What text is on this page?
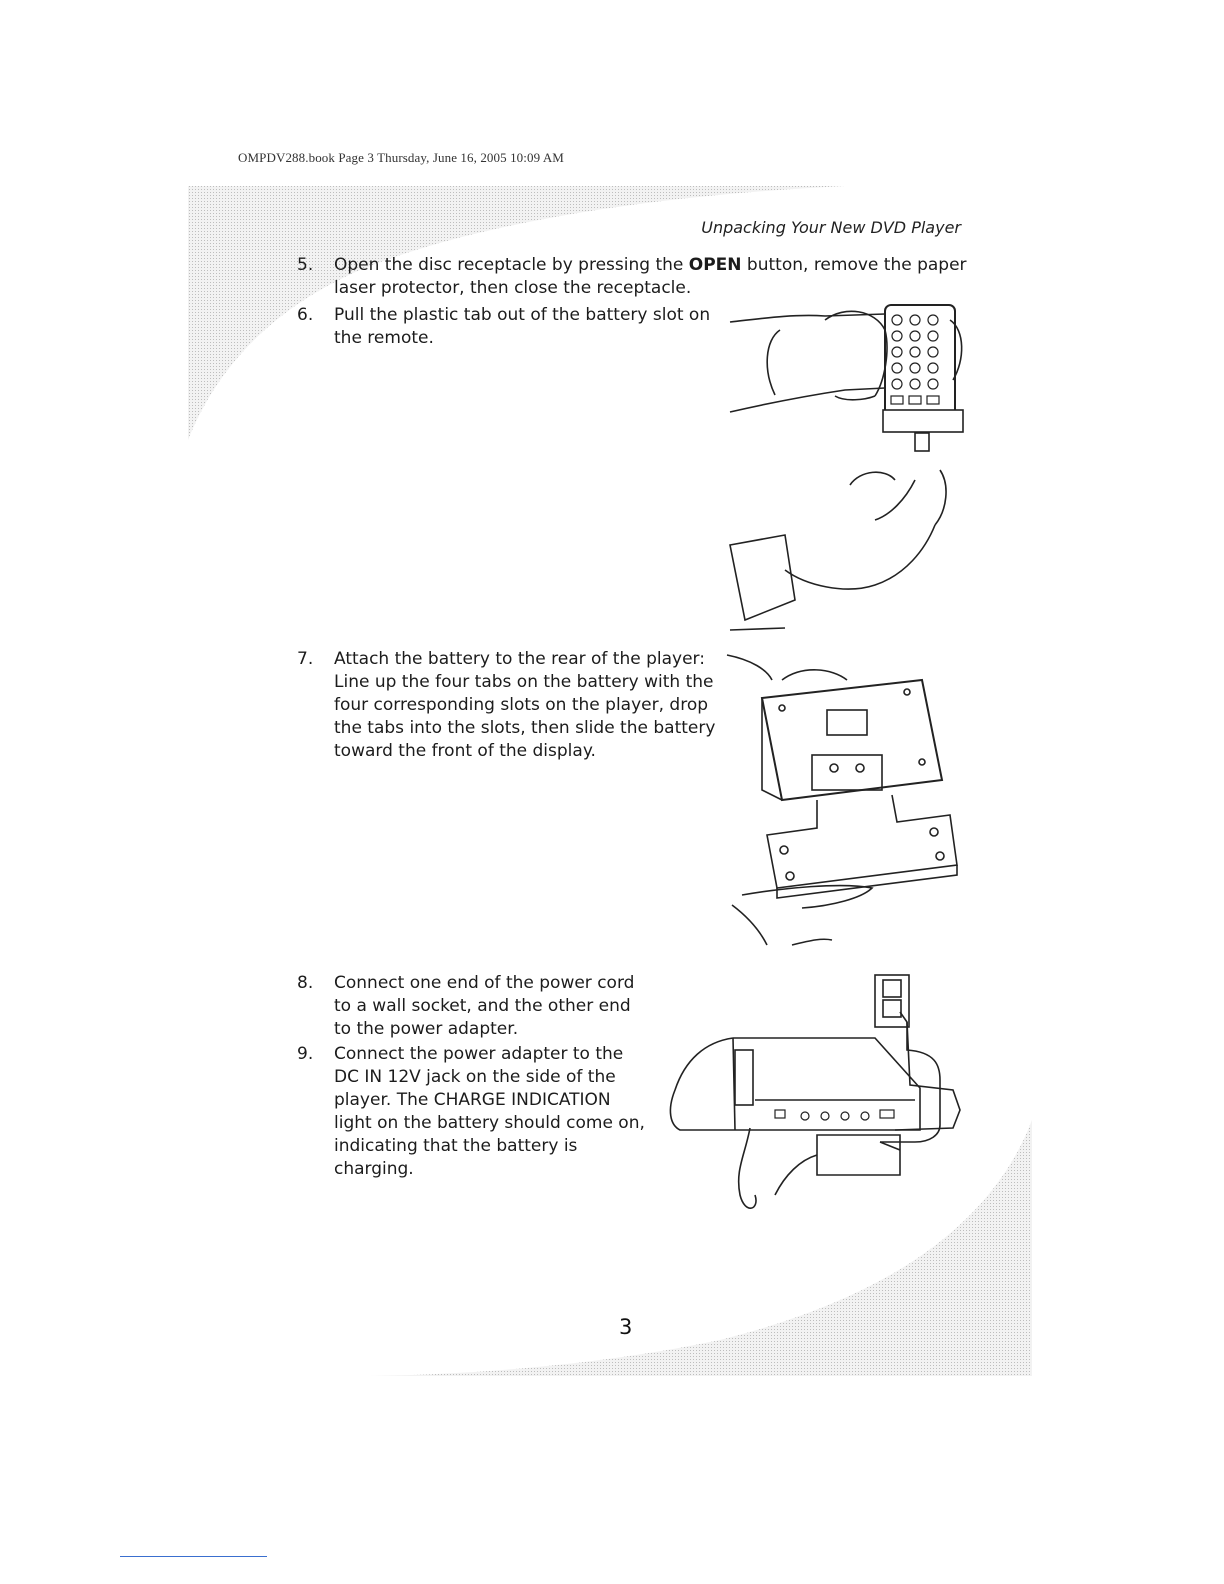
OMPDV288.book Page 3 Thursday, June 16, 2005 10:09 AM
Unpacking Your New DVD Player
5. Open the disc receptacle by pressing the OPEN button, remove the paper
laser protector, then close the receptacle.
6. Pull the plastic tab out of the battery slot on
the remote.
7. Attach the battery to the rear of the player:
Line up the four tabs on the battery with the
four corresponding slots on the player, drop
the tabs into the slots, then slide the battery
toward the front of the display.
8. Connect one end of the power cord
to a wall socket, and the other end
to the power adapter.
9. Connect the power adapter to the
DC IN 12V jack on the side of the
player. The CHARGE INDICATION
light on the battery should come on,
indicating that the battery is
charging.
3
